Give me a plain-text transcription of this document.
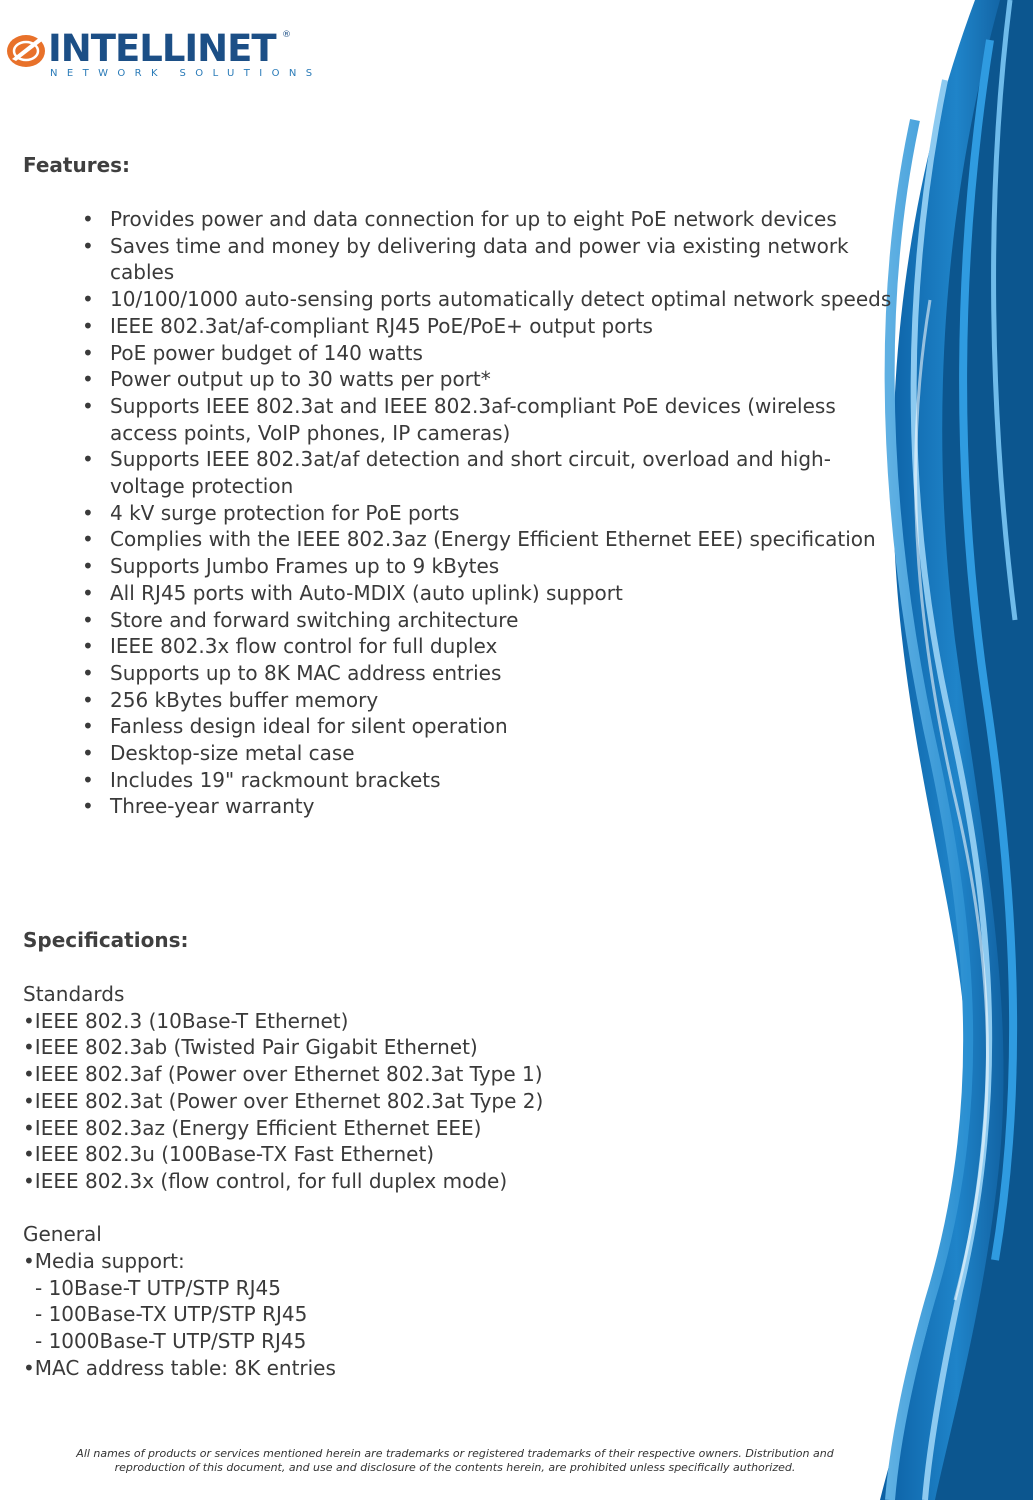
INTELLINET ®
NETWORK SOLUTIONS
Features:
• Provides power and data connection for up to eight PoE network devices
• Saves time and money by delivering data and power via existing network cables
• 10/100/1000 auto-sensing ports automatically detect optimal network speeds
• IEEE 802.3at/af-compliant RJ45 PoE/PoE+ output ports
• PoE power budget of 140 watts
• Power output up to 30 watts per port*
• Supports IEEE 802.3at and IEEE 802.3af-compliant PoE devices (wireless access points, VoIP phones, IP cameras)
• Supports IEEE 802.3at/af detection and short circuit, overload and high-voltage protection
• 4 kV surge protection for PoE ports
• Complies with the IEEE 802.3az (Energy Efficient Ethernet EEE) specification
• Supports Jumbo Frames up to 9 kBytes
• All RJ45 ports with Auto-MDIX (auto uplink) support
• Store and forward switching architecture
• IEEE 802.3x flow control for full duplex
• Supports up to 8K MAC address entries
• 256 kBytes buffer memory
• Fanless design ideal for silent operation
• Desktop-size metal case
• Includes 19" rackmount brackets
• Three-year warranty
Specifications:
Standards
• IEEE 802.3 (10Base-T Ethernet)
• IEEE 802.3ab (Twisted Pair Gigabit Ethernet)
• IEEE 802.3af (Power over Ethernet 802.3at Type 1)
• IEEE 802.3at (Power over Ethernet 802.3at Type 2)
• IEEE 802.3az (Energy Efficient Ethernet EEE)
• IEEE 802.3u (100Base-TX Fast Ethernet)
• IEEE 802.3x (flow control, for full duplex mode)
General
• Media support:
- 10Base-T UTP/STP RJ45
- 100Base-TX UTP/STP RJ45
- 1000Base-T UTP/STP RJ45
• MAC address table: 8K entries
All names of products or services mentioned herein are trademarks or registered trademarks of their respective owners. Distribution and
reproduction of this document, and use and disclosure of the contents herein, are prohibited unless specifically authorized.
